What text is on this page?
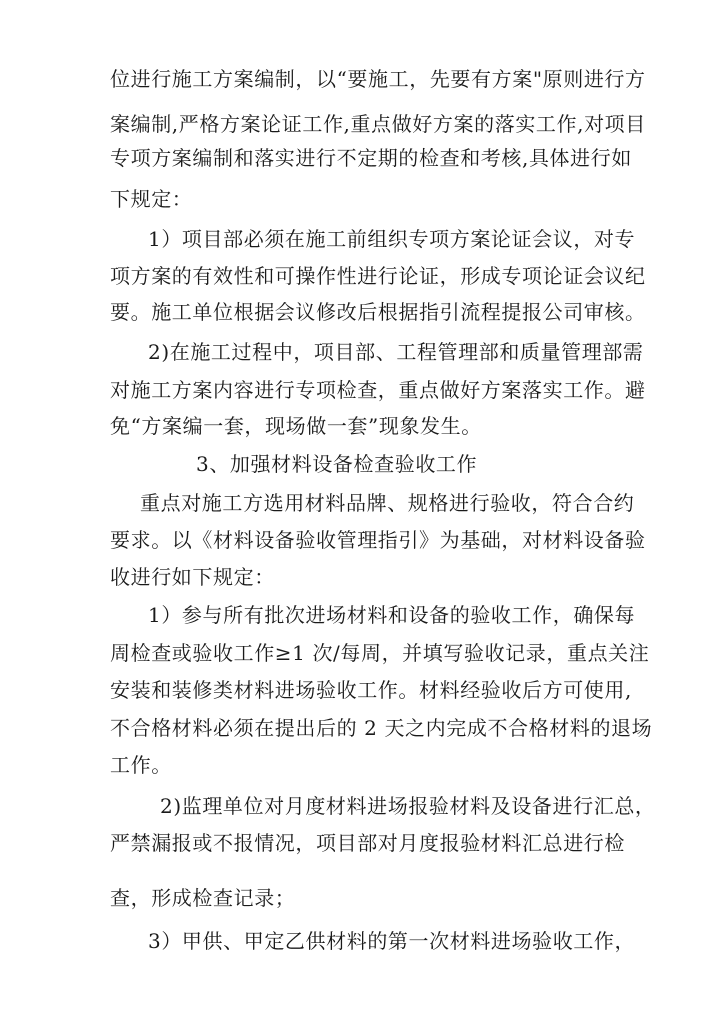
位进行施工方案编制，以“要施工，先要有方案"原则进行方
案编制,严格方案论证工作,重点做好方案的落实工作,对项目
专项方案编制和落实进行不定期的检查和考核,具体进行如
下规定：
1）项目部必须在施工前组织专项方案论证会议，对专
项方案的有效性和可操作性进行论证，形成专项论证会议纪
要。施工单位根据会议修改后根据指引流程提报公司审核。
2)在施工过程中，项目部、工程管理部和质量管理部需
对施工方案内容进行专项检查，重点做好方案落实工作。避
免“方案编一套，现场做一套”现象发生。
3、加强材料设备检查验收工作
重点对施工方选用材料品牌、规格进行验收，符合合约
要求。以《材料设备验收管理指引》为基础，对材料设备验
收进行如下规定：
1）参与所有批次进场材料和设备的验收工作，确保每
周检查或验收工作≥1 次/每周，并填写验收记录，重点关注
安装和装修类材料进场验收工作。材料经验收后方可使用,
不合格材料必须在提出后的 2 天之内完成不合格材料的退场
工作。
2)监理单位对月度材料进场报验材料及设备进行汇总，
严禁漏报或不报情况，项目部对月度报验材料汇总进行检
查，形成检查记录；
3）甲供、甲定乙供材料的第一次材料进场验收工作，
